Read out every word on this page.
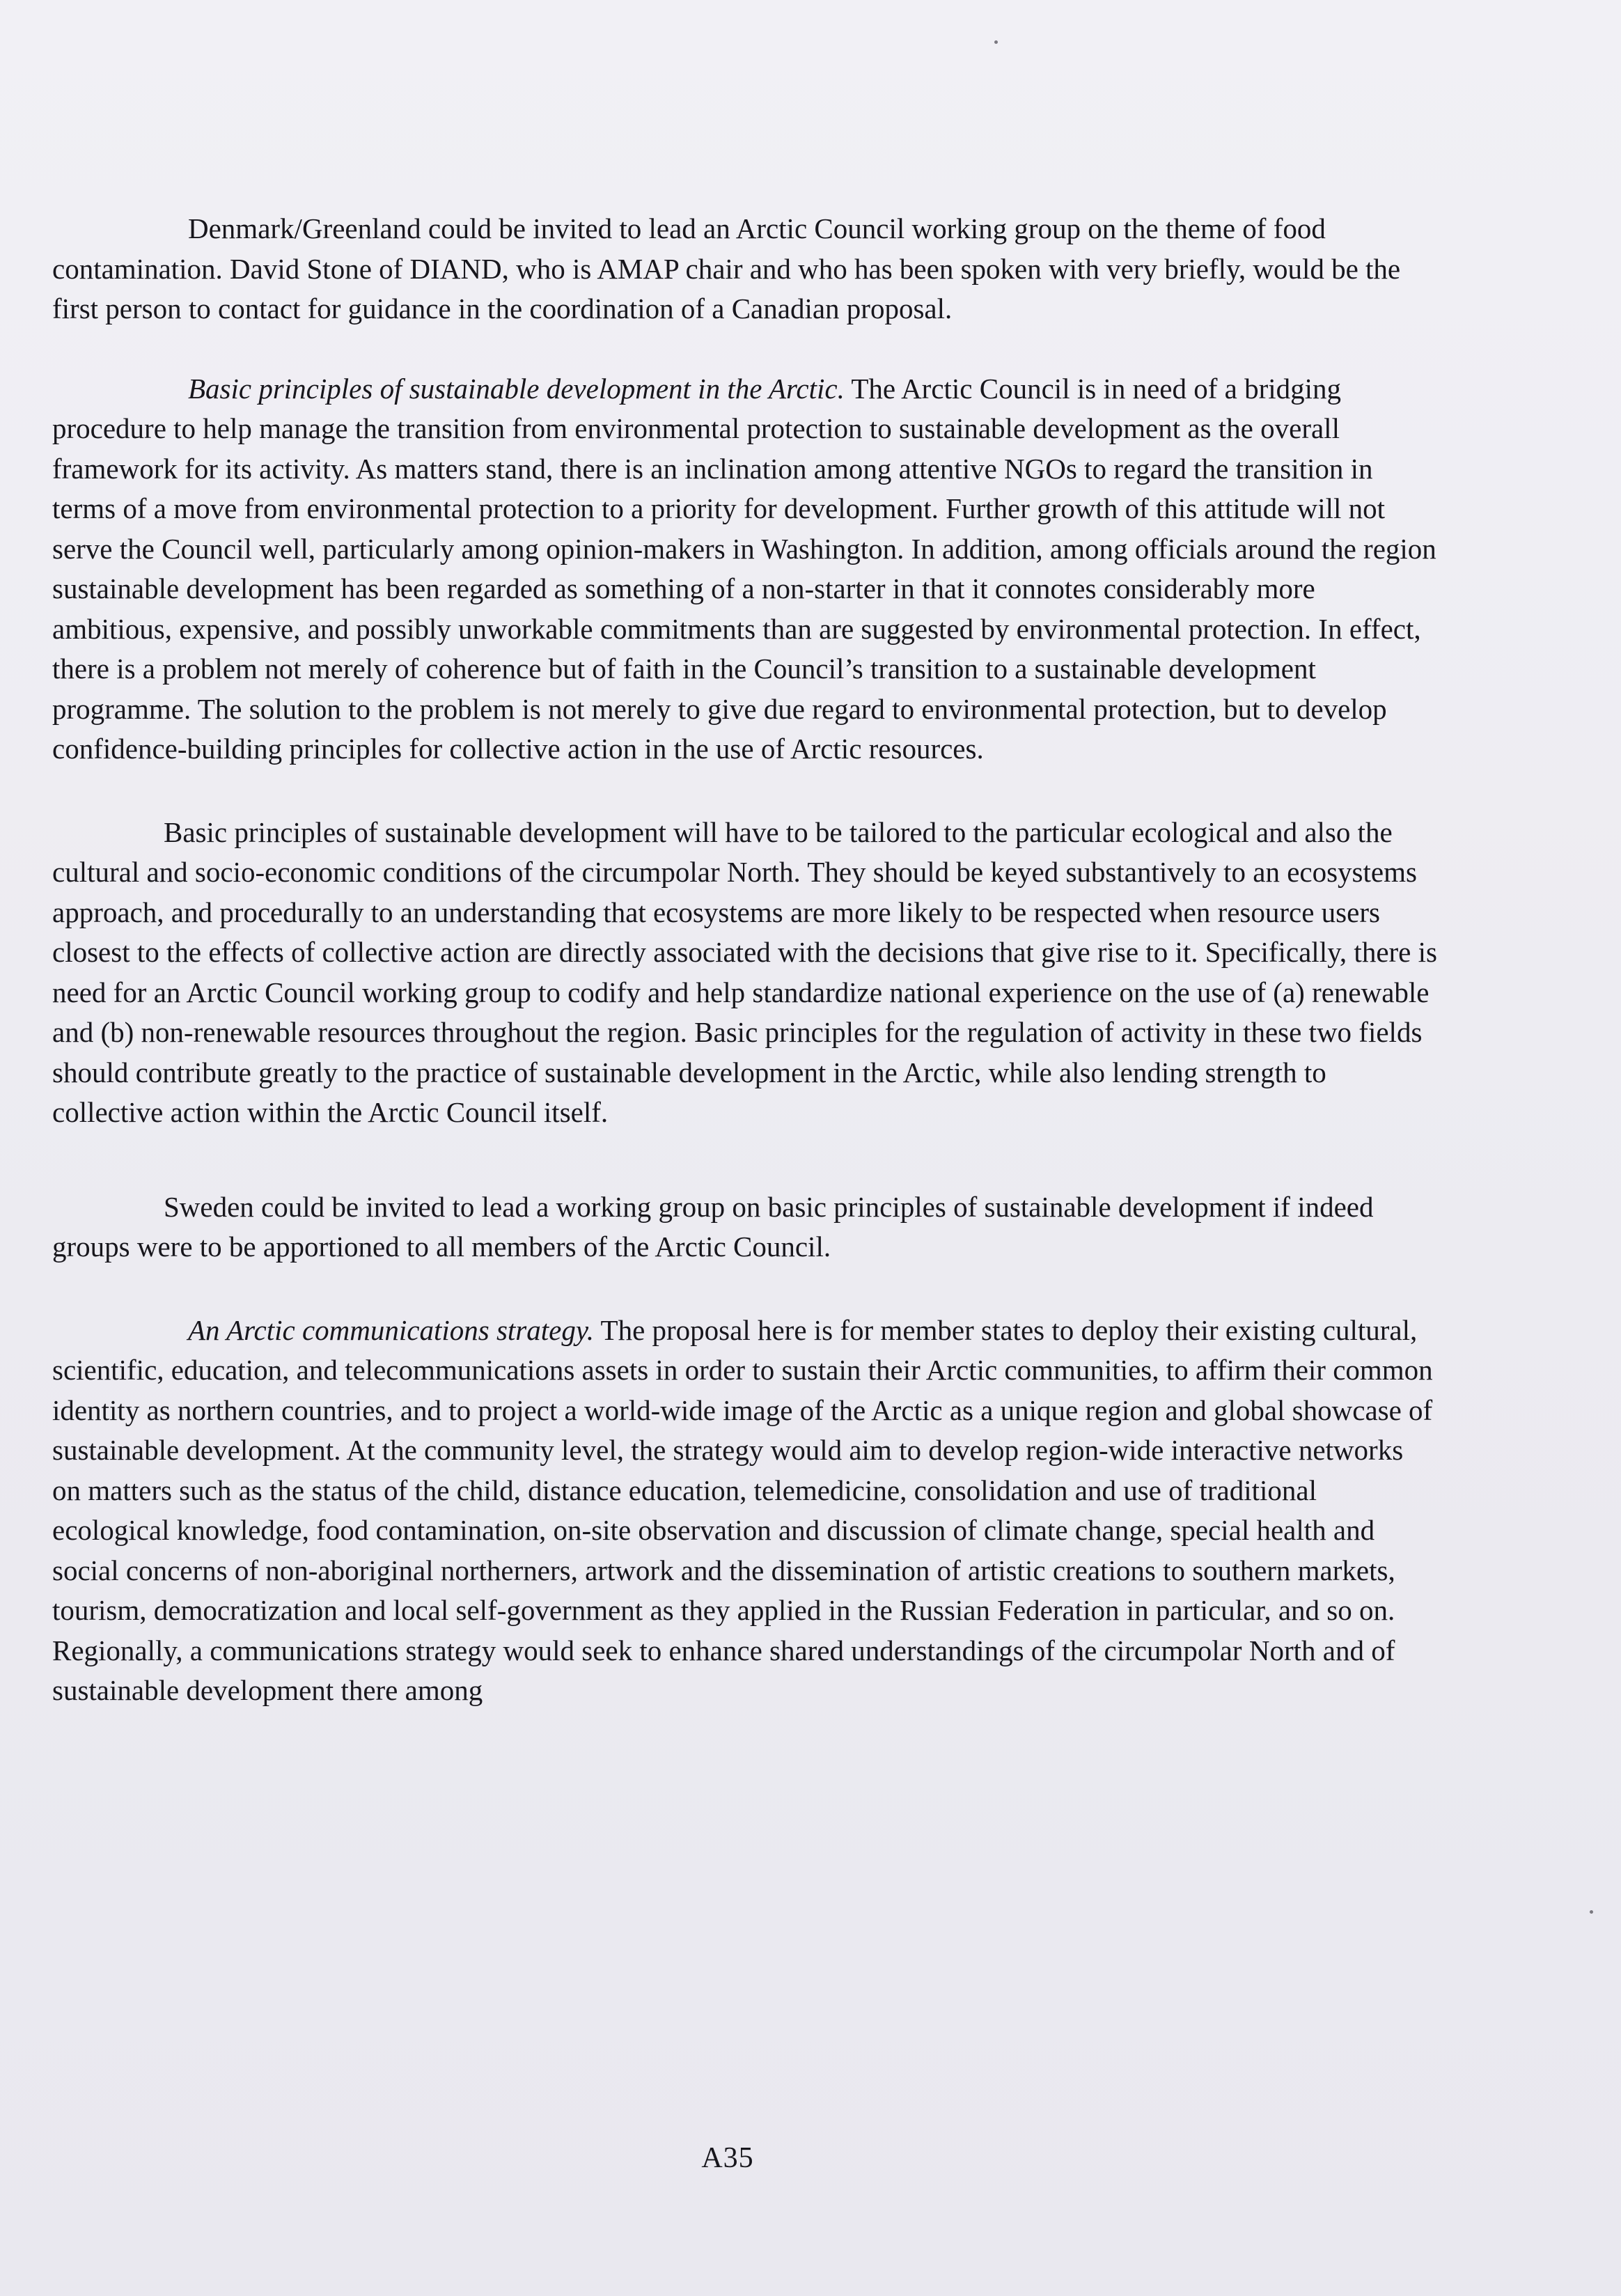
Denmark/Greenland could be invited to lead an Arctic Council working group on the theme of food contamination. David Stone of DIAND, who is AMAP chair and who has been spoken with very briefly, would be the first person to contact for guidance in the coordination of a Canadian proposal.

Basic principles of sustainable development in the Arctic. The Arctic Council is in need of a bridging procedure to help manage the transition from environmental protection to sustainable development as the overall framework for its activity. As matters stand, there is an inclination among attentive NGOs to regard the transition in terms of a move from environmental protection to a priority for development. Further growth of this attitude will not serve the Council well, particularly among opinion-makers in Washington. In addition, among officials around the region sustainable development has been regarded as something of a non-starter in that it connotes considerably more ambitious, expensive, and possibly unworkable commitments than are suggested by environmental protection. In effect, there is a problem not merely of coherence but of faith in the Council’s transition to a sustainable development programme. The solution to the problem is not merely to give due regard to environmental protection, but to develop confidence-building principles for collective action in the use of Arctic resources.

Basic principles of sustainable development will have to be tailored to the particular ecological and also the cultural and socio-economic conditions of the circumpolar North. They should be keyed substantively to an ecosystems approach, and procedurally to an understanding that ecosystems are more likely to be respected when resource users closest to the effects of collective action are directly associated with the decisions that give rise to it. Specifically, there is need for an Arctic Council working group to codify and help standardize national experience on the use of (a) renewable and (b) non-renewable resources throughout the region. Basic principles for the regulation of activity in these two fields should contribute greatly to the practice of sustainable development in the Arctic, while also lending strength to collective action within the Arctic Council itself.

Sweden could be invited to lead a working group on basic principles of sustainable development if indeed groups were to be apportioned to all members of the Arctic Council.

An Arctic communications strategy. The proposal here is for member states to deploy their existing cultural, scientific, education, and telecommunications assets in order to sustain their Arctic communities, to affirm their common identity as northern countries, and to project a world-wide image of the Arctic as a unique region and global showcase of sustainable development. At the community level, the strategy would aim to develop region-wide interactive networks on matters such as the status of the child, distance education, telemedicine, consolidation and use of traditional ecological knowledge, food contamination, on-site observation and discussion of climate change, special health and social concerns of non-aboriginal northerners, artwork and the dissemination of artistic creations to southern markets, tourism, democratization and local self-government as they applied in the Russian Federation in particular, and so on. Regionally, a communications strategy would seek to enhance shared understandings of the circumpolar North and of sustainable development there among

A35
